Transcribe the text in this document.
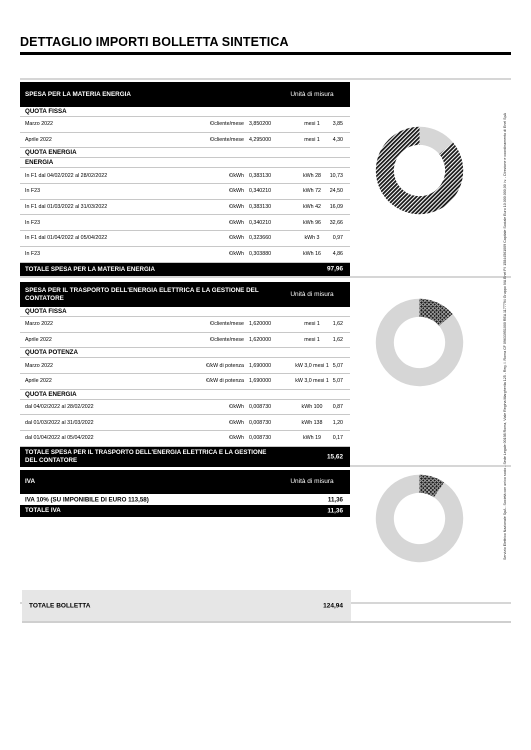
DETTAGLIO IMPORTI BOLLETTA SINTETICA
SPESA PER LA MATERIA ENERGIA	Unità di misura
QUOTA FISSA
Marzo 2022	€/cliente/mese 3,850200	mesi 1	3,85
Aprile 2022	€/cliente/mese 4,295000	mesi 1	4,30
QUOTA ENERGIA
ENERGIA
In F1 dal 04/02/2022 al 28/02/2022	€/kWh 0,383130	kWh 28	10,73
In F23	€/kWh 0,340210	kWh 72	24,50
In F1 dal 01/03/2022 al 31/03/2022	€/kWh 0,383130	kWh 42	16,09
In F23	€/kWh 0,340210	kWh 96	32,66
In F1 dal 01/04/2022 al 05/04/2022	€/kWh 0,323660	kWh 3	0,97
In F23	€/kWh 0,303880	kWh 16	4,86
TOTALE SPESA PER LA MATERIA ENERGIA	97,96
SPESA PER IL TRASPORTO DELL'ENERGIA ELETTRICA E LA GESTIONE DEL CONTATORE
Unità di misura
QUOTA FISSA
Marzo 2022	€/cliente/mese 1,620000	mesi 1	1,62
Aprile 2022	€/cliente/mese 1,620000	mesi 1	1,62
QUOTA POTENZA
Marzo 2022	€/kW di potenza 1,690000	kW 3,0 mesi 1 5,07
Aprile 2022	€/kW di potenza 1,690000	kW 3,0 mesi 1 5,07
QUOTA ENERGIA
dal 04/02/2022 al 28/02/2022	€/kWh 0,008730	kWh 100	0,87
dal 01/03/2022 al 31/03/2022	€/kWh 0,008730	kWh 138	1,20
dal 01/04/2022 al 05/04/2022	€/kWh 0,008730	kWh 19	0,17
TOTALE SPESA PER IL TRASPORTO DELL'ENERGIA ELETTRICA E LA GESTIONE DEL CONTATORE	15,62
IVA	Unità di misura
IVA 10% (SU IMPONIBILE DI EURO 113,58)	11,36
TOTALE IVA	11,36
TOTALE BOLLETTA	124,94
Servizio Elettrico Nazionale SpA - Società con unico socio - Sede Legale 00198 Roma, Viale Regina Margherita 125 - Reg. I. Roma CF 09633951000 REA 1177794 Gruppo IVA Enel P.I 15844561009 Capitale Sociale Euro 10.000.000,00 i.v. - Direzione e coordinamento di Enel SpA
